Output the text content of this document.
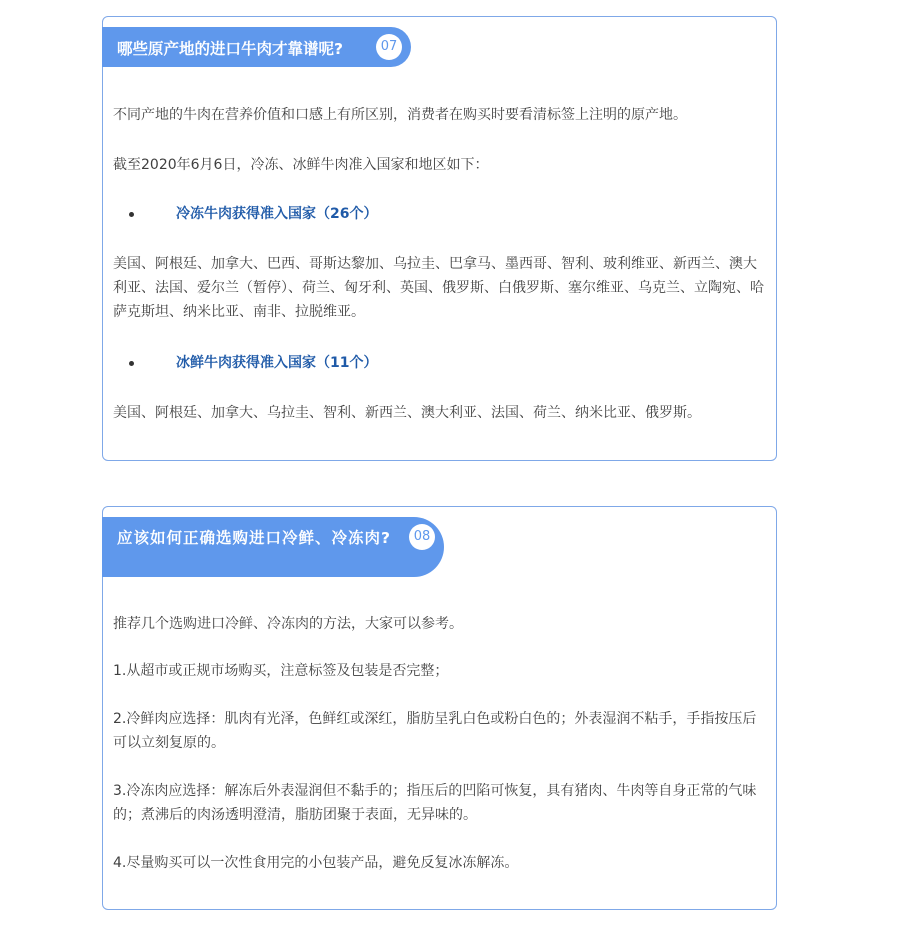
哪些原产地的进口牛肉才靠谱呢?	07

不同产地的牛肉在营养价值和口感上有所区别，消费者在购买时要看清标签上注明的原产地。

截至2020年6月6日，冷冻、冰鲜牛肉准入国家和地区如下：

冷冻牛肉获得准入国家（26个）

美国、阿根廷、加拿大、巴西、哥斯达黎加、乌拉圭、巴拿马、墨西哥、智利、玻利维亚、新西兰、澳大利亚、法国、爱尔兰（暂停）、荷兰、匈牙利、英国、俄罗斯、白俄罗斯、塞尔维亚、乌克兰、立陶宛、哈萨克斯坦、纳米比亚、南非、拉脱维亚。

冰鲜牛肉获得准入国家（11个）

美国、阿根廷、加拿大、乌拉圭、智利、新西兰、澳大利亚、法国、荷兰、纳米比亚、俄罗斯。

应该如何正确选购进口冷鲜、冷冻肉?	08

推荐几个选购进口冷鲜、冷冻肉的方法，大家可以参考。

1.从超市或正规市场购买，注意标签及包装是否完整；

2.冷鲜肉应选择：肌肉有光泽，色鲜红或深红，脂肪呈乳白色或粉白色的；外表湿润不粘手，手指按压后可以立刻复原的。

3.冷冻肉应选择：解冻后外表湿润但不黏手的；指压后的凹陷可恢复，具有猪肉、牛肉等自身正常的气味的；煮沸后的肉汤透明澄清，脂肪团聚于表面，无异味的。

4.尽量购买可以一次性食用完的小包装产品，避免反复冰冻解冻。
